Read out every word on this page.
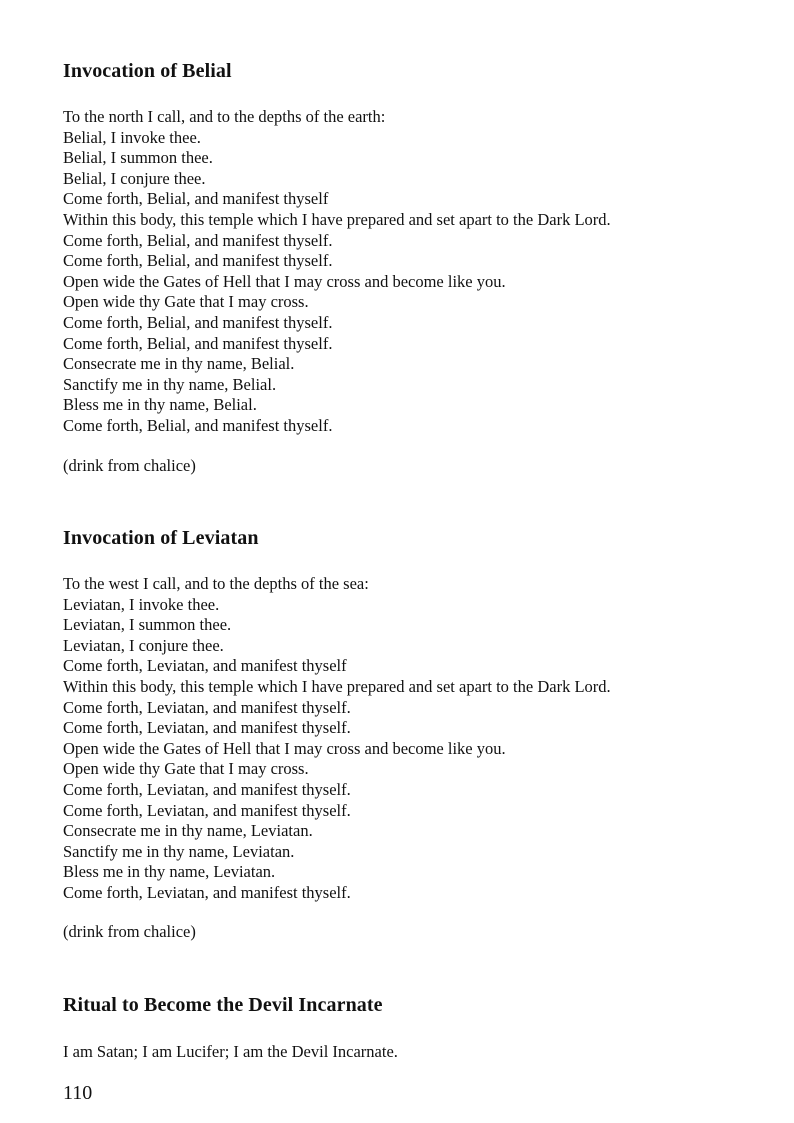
Invocation of Belial
To the north I call, and to the depths of the earth:
Belial, I invoke thee.
Belial, I summon thee.
Belial, I conjure thee.
Come forth, Belial, and manifest thyself
Within this body, this temple which I have prepared and set apart to the Dark Lord.
Come forth, Belial, and manifest thyself.
Come forth, Belial, and manifest thyself.
Open wide the Gates of Hell that I may cross and become like you.
Open wide thy Gate that I may cross.
Come forth, Belial, and manifest thyself.
Come forth, Belial, and manifest thyself.
Consecrate me in thy name, Belial.
Sanctify me in thy name, Belial.
Bless me in thy name, Belial.
Come forth, Belial, and manifest thyself.

(drink from chalice)

Invocation of Leviatan
To the west I call, and to the depths of the sea:
Leviatan, I invoke thee.
Leviatan, I summon thee.
Leviatan, I conjure thee.
Come forth, Leviatan, and manifest thyself
Within this body, this temple which I have prepared and set apart to the Dark Lord.
Come forth, Leviatan, and manifest thyself.
Come forth, Leviatan, and manifest thyself.
Open wide the Gates of Hell that I may cross and become like you.
Open wide thy Gate that I may cross.
Come forth, Leviatan, and manifest thyself.
Come forth, Leviatan, and manifest thyself.
Consecrate me in thy name, Leviatan.
Sanctify me in thy name, Leviatan.
Bless me in thy name, Leviatan.
Come forth, Leviatan, and manifest thyself.

(drink from chalice)

Ritual to Become the Devil Incarnate

I am Satan; I am Lucifer; I am the Devil Incarnate.

110
